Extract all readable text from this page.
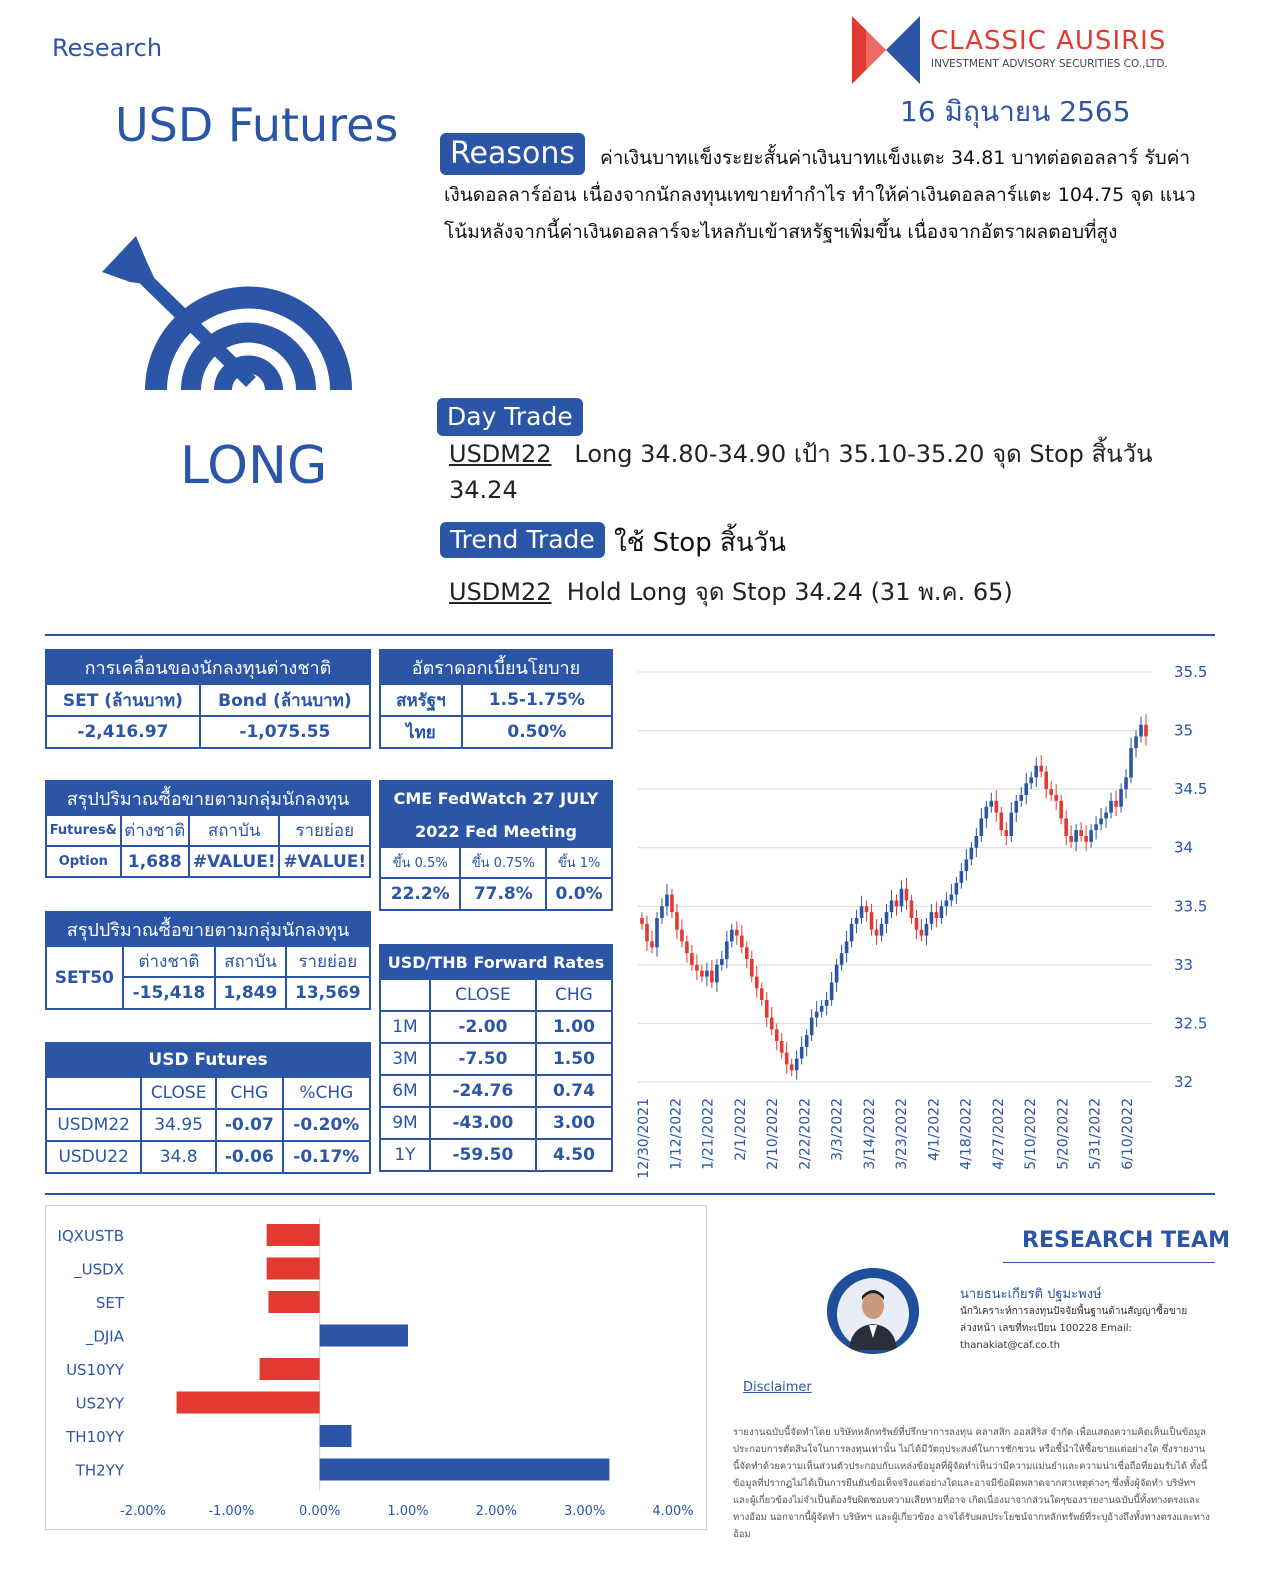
Research
USD Futures
CLASSIC AUSIRIS
INVESTMENT ADVISORY SECURITIES CO.,LTD.
16 มิถุนายน 2565
ค่าเงินบาทแข็งระยะสั้นค่าเงินบาทแข็งแตะ 34.81 บาทต่อดอลลาร์ รับค่าเงินดอลลาร์อ่อน เนื่องจากนักลงทุนเทขายทำกำไร ทำให้ค่าเงินดอลลาร์แตะ 104.75 จุด แนวโน้มหลังจากนี้ค่าเงินดอลลาร์จะไหลกับเข้าสหรัฐฯเพิ่มขึ้น เนื่องจากอัตราผลตอบที่สูง
Reasons
LONG
Day Trade
USDM22 Long 34.80-34.90 เป้า 35.10-35.20 จุด Stop สิ้นวัน 34.24
Trend Trade ใช้ Stop สิ้นวัน
USDM22 Hold Long จุด Stop 34.24 (31 พ.ค. 65)
การเคลื่อนของนักลงทุนต่างชาติ	
SET (ล้านบาท)	Bond (ล้านบาท)
-2,416.97	-1,075.55
อัตราดอกเบี้ยนโยบาย	
สหรัฐฯ	1.5-1.75%
ไทย	0.50%
สรุปปริมาณซื้อขายตามกลุ่มนักลงทุน			
Futures&	ต่างชาติ	สถาบัน	รายย่อย
Option	1,688	#VALUE!	#VALUE!
CME FedWatch 27 JULY		
2022 Fed Meeting		
ขึ้น 0.5%	ขึ้น 0.75%	ขึ้น 1%
22.2%	77.8%	0.0%
สรุปปริมาณซื้อขายตามกลุ่มนักลงทุน			
SET50	ต่างชาติ	สถาบัน	รายย่อย
	-15,418	1,849	13,569
USD Futures			
	CLOSE	CHG	%CHG
USDM22	34.95	-0.07	-0.20%
USDU22	34.8	-0.06	-0.17%
USD/THB Forward Rates		
	CLOSE	CHG
1M	-2.00	1.00
3M	-7.50	1.50
6M	-24.76	0.74
9M	-43.00	3.00
1Y	-59.50	4.50
35.5
35
34.5
34
33.5
33
32.5
32
12/30/2021 1/12/2022 1/21/2022 2/1/2022 2/10/2022 2/22/2022 3/3/2022 3/14/2022 3/23/2022 4/1/2022 4/18/2022 4/27/2022 5/10/2022 5/20/2022 5/31/2022 6/10/2022
IQXUSTB
_USDX
SET
_DJIA
US10YY
US2YY
TH10YY
TH2YY
-2.00%	-1.00%	0.00%	1.00%	2.00%	3.00%	4.00%
RESEARCH TEAM
นายธนะเกียรติ ปฐมะพงษ์
นักวิเคราะห์การลงทุนปัจจัยพื้นฐานด้านสัญญาซื้อขายล่วงหน้า เลขที่ทะเบียน 100228 Email: thanakiat@caf.co.th
Disclaimer
รายงานฉบับนี้จัดทำโดย บริษัทหลักทรัพย์ที่ปรึกษาการลงทุน คลาสสิก ออสสิริส จำกัด เพื่อแสดงความคิดเห็นเป็นข้อมูลประกอบการตัดสินใจในการลงทุนเท่านั้น ไม่ได้มีวัตถุประสงค์ในการชักชวน หรือชี้นำให้ซื้อขายแต่อย่างใด ซึ่งรายงานนี้จัดทำด้วยความเห็นส่วนตัวประกอบกับแหล่งข้อมูลที่ผู้จัดทำเห็นว่ามีความแม่นยำและความน่าเชื่อถือที่ยอมรับได้ ทั้งนี้ข้อมูลที่ปรากฏไม่ได้เป็นการยืนยันข้อเท็จจริงแต่อย่างใดและอาจมีข้อผิดพลาดจากสาเหตุต่างๆ ซึ่งทั้งผู้จัดทำ บริษัทฯ และผู้เกี่ยวข้องไม่จำเป็นต้องรับผิดชอบความเสียหายที่อาจ เกิดเนื่องมาจากส่วนใดๆของรายงานฉบับนี้ทั้งทางตรงและทางอ้อม นอกจากนี้ผู้จัดทำ บริษัทฯ และผู้เกี่ยวข้อง อาจได้รับผลประโยชน์จากหลักทรัพย์ที่ระบุอ้างถึงทั้งทางตรงและทางอ้อม
